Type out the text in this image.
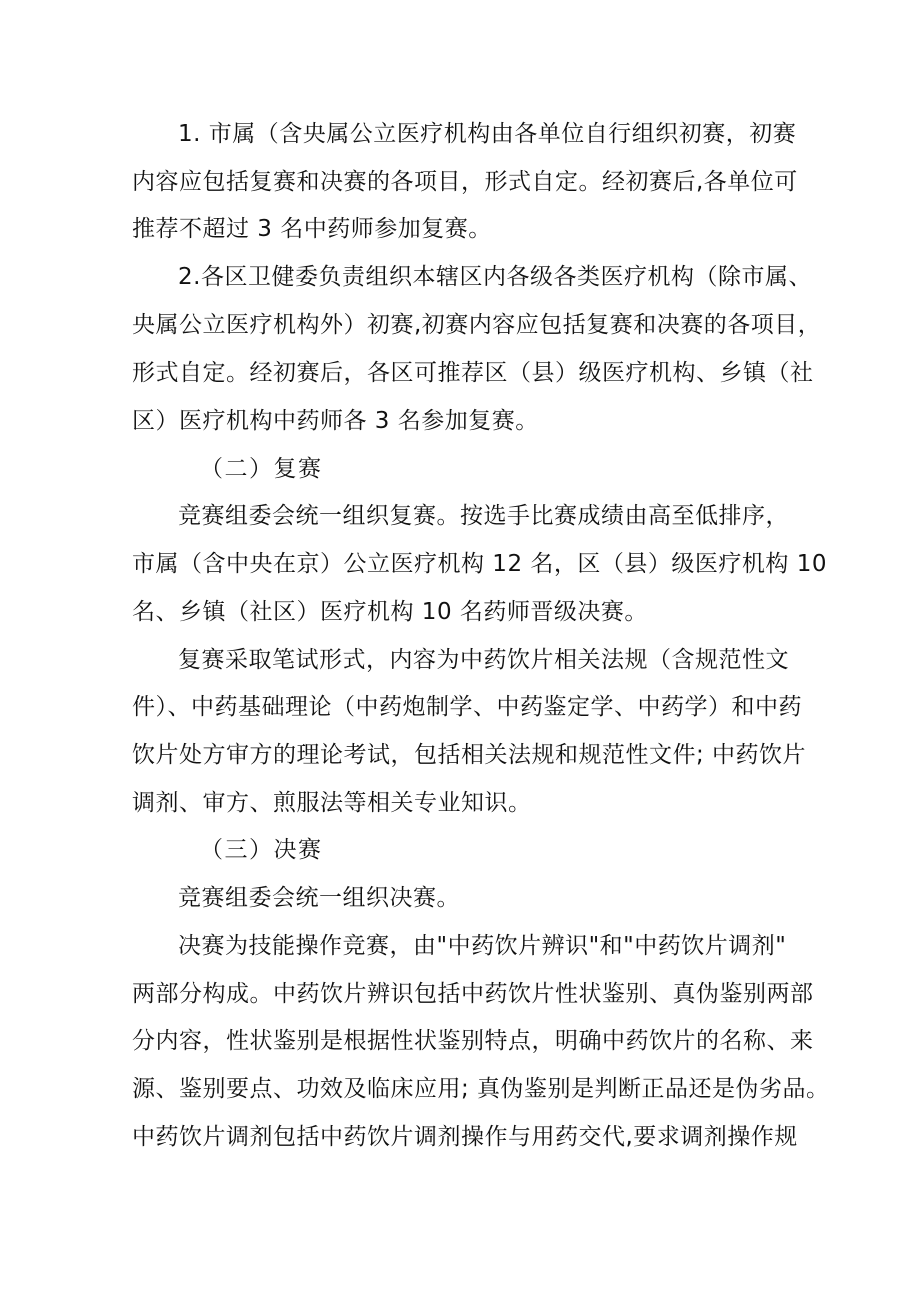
1. 市属（含央属公立医疗机构由各单位自行组织初赛，初赛
内容应包括复赛和决赛的各项目，形式自定。经初赛后,各单位可
推荐不超过 3 名中药师参加复赛。
2.各区卫健委负责组织本辖区内各级各类医疗机构（除市属、
央属公立医疗机构外）初赛,初赛内容应包括复赛和决赛的各项目，
形式自定。经初赛后，各区可推荐区（县）级医疗机构、乡镇（社
区）医疗机构中药师各 3 名参加复赛。
（二）复赛
竞赛组委会统一组织复赛。按选手比赛成绩由高至低排序，
市属（含中央在京）公立医疗机构 12 名，区（县）级医疗机构 10
名、乡镇（社区）医疗机构 10 名药师晋级决赛。
复赛采取笔试形式，内容为中药饮片相关法规（含规范性文
件）、中药基础理论（中药炮制学、中药鉴定学、中药学）和中药
饮片处方审方的理论考试，包括相关法规和规范性文件; 中药饮片
调剂、审方、煎服法等相关专业知识。
（三）决赛
竞赛组委会统一组织决赛。
决赛为技能操作竞赛，由"中药饮片辨识"和"中药饮片调剂"
两部分构成。中药饮片辨识包括中药饮片性状鉴别、真伪鉴别两部
分内容，性状鉴别是根据性状鉴别特点，明确中药饮片的名称、来
源、鉴别要点、功效及临床应用; 真伪鉴别是判断正品还是伪劣品。
中药饮片调剂包括中药饮片调剂操作与用药交代,要求调剂操作规
